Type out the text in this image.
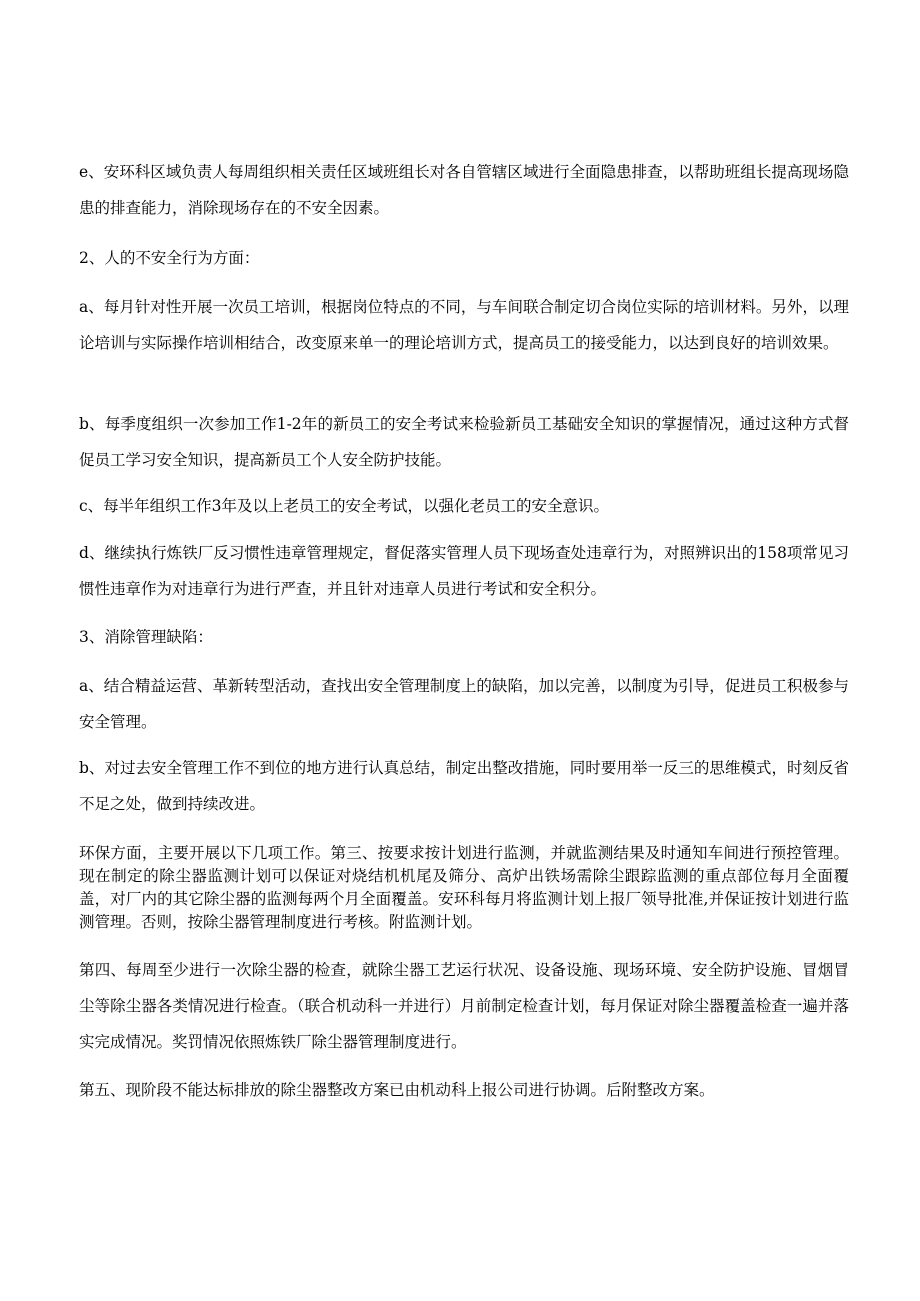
e、安环科区域负责人每周组织相关责任区域班组长对各自管辖区域进行全面隐患排查，以帮助班组长提高现场隐患的排查能力，消除现场存在的不安全因素。

2、人的不安全行为方面：

a、每月针对性开展一次员工培训，根据岗位特点的不同，与车间联合制定切合岗位实际的培训材料。另外，以理论培训与实际操作培训相结合，改变原来单一的理论培训方式，提高员工的接受能力，以达到良好的培训效果。

b、每季度组织一次参加工作1-2年的新员工的安全考试来检验新员工基础安全知识的掌握情况，通过这种方式督促员工学习安全知识，提高新员工个人安全防护技能。

c、每半年组织工作3年及以上老员工的安全考试，以强化老员工的安全意识。

d、继续执行炼铁厂反习惯性违章管理规定，督促落实管理人员下现场查处违章行为，对照辨识出的158项常见习惯性违章作为对违章行为进行严查，并且针对违章人员进行考试和安全积分。

3、消除管理缺陷：

a、结合精益运营、革新转型活动，查找出安全管理制度上的缺陷，加以完善，以制度为引导，促进员工积极参与安全管理。

b、对过去安全管理工作不到位的地方进行认真总结，制定出整改措施，同时要用举一反三的思维模式，时刻反省不足之处，做到持续改进。

环保方面，主要开展以下几项工作。第三、按要求按计划进行监测，并就监测结果及时通知车间进行预控管理。现在制定的除尘器监测计划可以保证对烧结机机尾及筛分、高炉出铁场需除尘跟踪监测的重点部位每月全面覆盖，对厂内的其它除尘器的监测每两个月全面覆盖。安环科每月将监测计划上报厂领导批准,并保证按计划进行监测管理。否则，按除尘器管理制度进行考核。附监测计划。

第四、每周至少进行一次除尘器的检查，就除尘器工艺运行状况、设备设施、现场环境、安全防护设施、冒烟冒尘等除尘器各类情况进行检查。（联合机动科一并进行）月前制定检查计划，每月保证对除尘器覆盖检查一遍并落实完成情况。奖罚情况依照炼铁厂除尘器管理制度进行。

第五、现阶段不能达标排放的除尘器整改方案已由机动科上报公司进行协调。后附整改方案。
